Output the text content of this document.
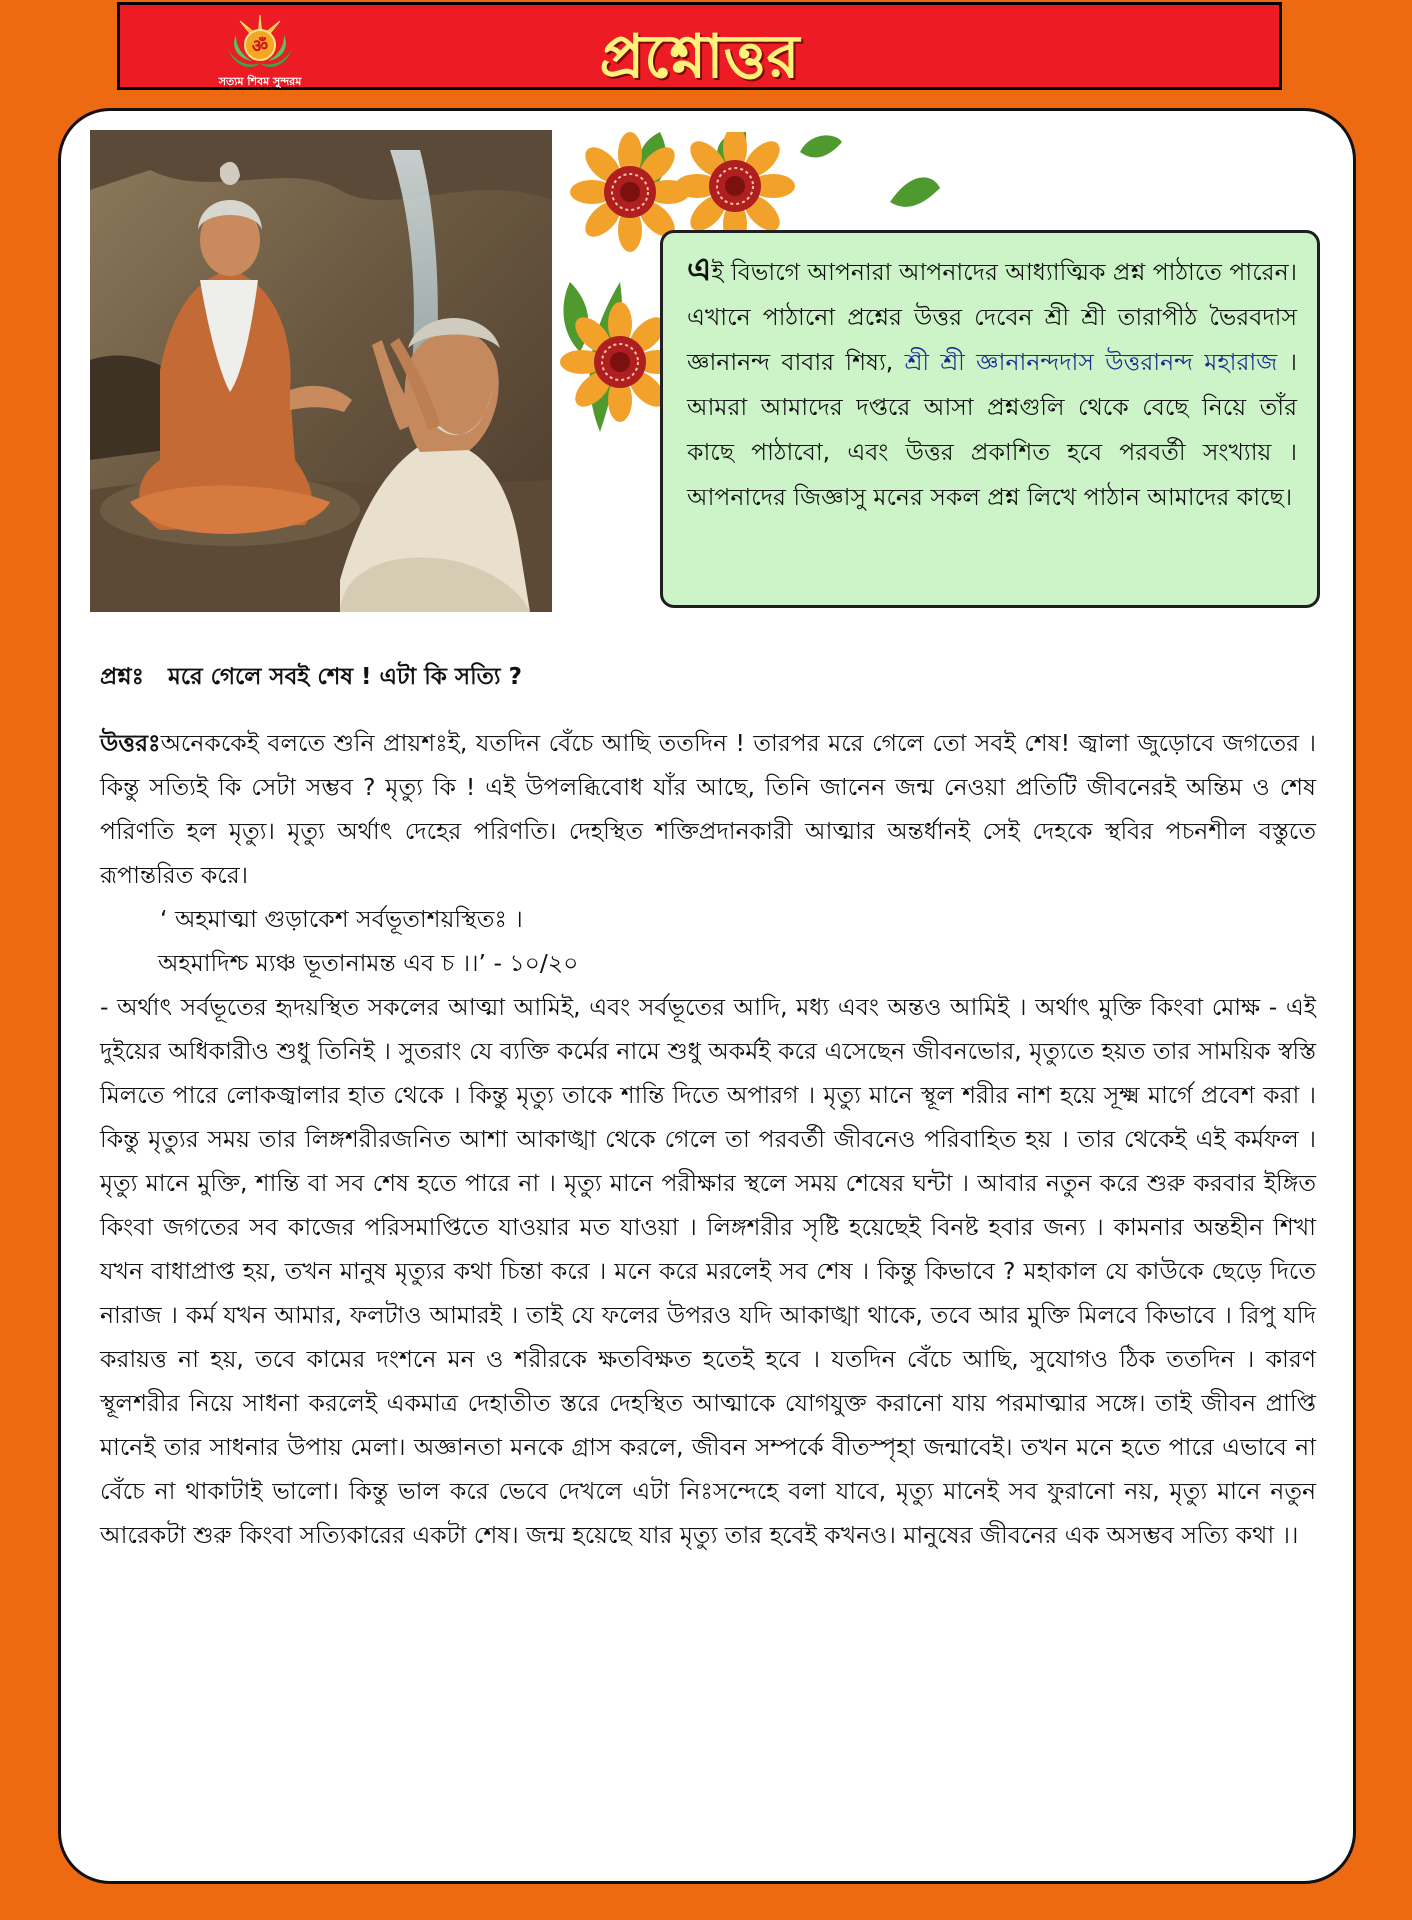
ॐ
সত্যম শিবম সুন্দরম	প্রশ্নোত্তর
এই বিভাগে আপনারা আপনাদের আধ্যাত্মিক প্রশ্ন পাঠাতে পারেন। এখানে পাঠানো প্রশ্নের উত্তর দেবেন শ্রী শ্রী তারাপীঠ ভৈরবদাস জ্ঞানানন্দ বাবার শিষ্য, শ্রী শ্রী জ্ঞানানন্দদাস উত্তরানন্দ মহারাজ । আমরা আমাদের দপ্তরে আসা প্রশ্নগুলি থেকে বেছে নিয়ে তাঁর কাছে পাঠাবো, এবং উত্তর প্রকাশিত হবে পরবর্তী সংখ্যায় । আপনাদের জিজ্ঞাসু মনের সকল প্রশ্ন লিখে পাঠান আমাদের কাছে।

প্রশ্নঃ মরে গেলে সবই শেষ ! এটা কি সত্যি ?

উত্তরঃঅনেককেই বলতে শুনি প্রায়শঃই, যতদিন বেঁচে আছি ততদিন ! তারপর মরে গেলে তো সবই শেষ! জ্বালা জুড়োবে জগতের । কিন্তু সত্যিই কি সেটা সম্ভব ? মৃত্যু কি ! এই উপলব্ধিবোধ যাঁর আছে, তিনি জানেন জন্ম নেওয়া প্রতিটি জীবনেরই অন্তিম ও শেষ পরিণতি হল মৃত্যু। মৃত্যু অর্থাৎ দেহের পরিণতি। দেহস্থিত শক্তিপ্রদানকারী আত্মার অন্তর্ধানই সেই দেহকে স্থবির পচনশীল বস্তুতে রূপান্তরিত করে।

‘ অহমাত্মা গুড়াকেশ সর্বভূতাশয়স্থিতঃ ।

অহমাদিশ্চ ম্যঞ্চ ভূতানামন্ত এব চ ।।’ - ১০/২০

- অর্থাৎ সর্বভূতের হৃদয়স্থিত সকলের আত্মা আমিই, এবং সর্বভূতের আদি, মধ্য এবং অন্তও আমিই । অর্থাৎ মুক্তি কিংবা মোক্ষ - এই দুইয়ের অধিকারীও শুধু তিনিই । সুতরাং যে ব্যক্তি কর্মের নামে শুধু অকর্মই করে এসেছেন জীবনভোর, মৃত্যুতে হয়ত তার সাময়িক স্বস্তি মিলতে পারে লোকজ্বালার হাত থেকে । কিন্তু মৃত্যু তাকে শান্তি দিতে অপারগ । মৃত্যু মানে স্থূল শরীর নাশ হয়ে সূক্ষ্ম মার্গে প্রবেশ করা । কিন্তু মৃত্যুর সময় তার লিঙ্গশরীরজনিত আশা আকাঙ্খা থেকে গেলে তা পরবর্তী জীবনেও পরিবাহিত হয় । তার থেকেই এই কর্মফল । মৃত্যু মানে মুক্তি, শান্তি বা সব শেষ হতে পারে না । মৃত্যু মানে পরীক্ষার স্থলে সময় শেষের ঘন্টা । আবার নতুন করে শুরু করবার ইঙ্গিত কিংবা জগতের সব কাজের পরিসমাপ্তিতে যাওয়ার মত যাওয়া । লিঙ্গশরীর সৃষ্টি হয়েছেই বিনষ্ট হবার জন্য । কামনার অন্তহীন শিখা যখন বাধাপ্রাপ্ত হয়, তখন মানুষ মৃত্যুর কথা চিন্তা করে । মনে করে মরলেই সব শেষ । কিন্তু কিভাবে ? মহাকাল যে কাউকে ছেড়ে দিতে নারাজ । কর্ম যখন আমার, ফলটাও আমারই । তাই যে ফলের উপরও যদি আকাঙ্খা থাকে, তবে আর মুক্তি মিলবে কিভাবে । রিপু যদি করায়ত্ত না হয়, তবে কামের দংশনে মন ও শরীরকে ক্ষতবিক্ষত হতেই হবে । যতদিন বেঁচে আছি, সুযোগও ঠিক ততদিন । কারণ স্থূলশরীর নিয়ে সাধনা করলেই একমাত্র দেহাতীত স্তরে দেহস্থিত আত্মাকে যোগযুক্ত করানো যায় পরমাত্মার সঙ্গে। তাই জীবন প্রাপ্তি মানেই তার সাধনার উপায় মেলা। অজ্ঞানতা মনকে গ্রাস করলে, জীবন সম্পর্কে বীতস্পৃহা জন্মাবেই। তখন মনে হতে পারে এভাবে না বেঁচে না থাকাটাই ভালো। কিন্তু ভাল করে ভেবে দেখলে এটা নিঃসন্দেহে বলা যাবে, মৃত্যু মানেই সব ফুরানো নয়, মৃত্যু মানে নতুন আরেকটা শুরু কিংবা সত্যিকারের একটা শেষ। জন্ম হয়েছে যার মৃত্যু তার হবেই কখনও। মানুষের জীবনের এক অসম্ভব সত্যি কথা ।।
